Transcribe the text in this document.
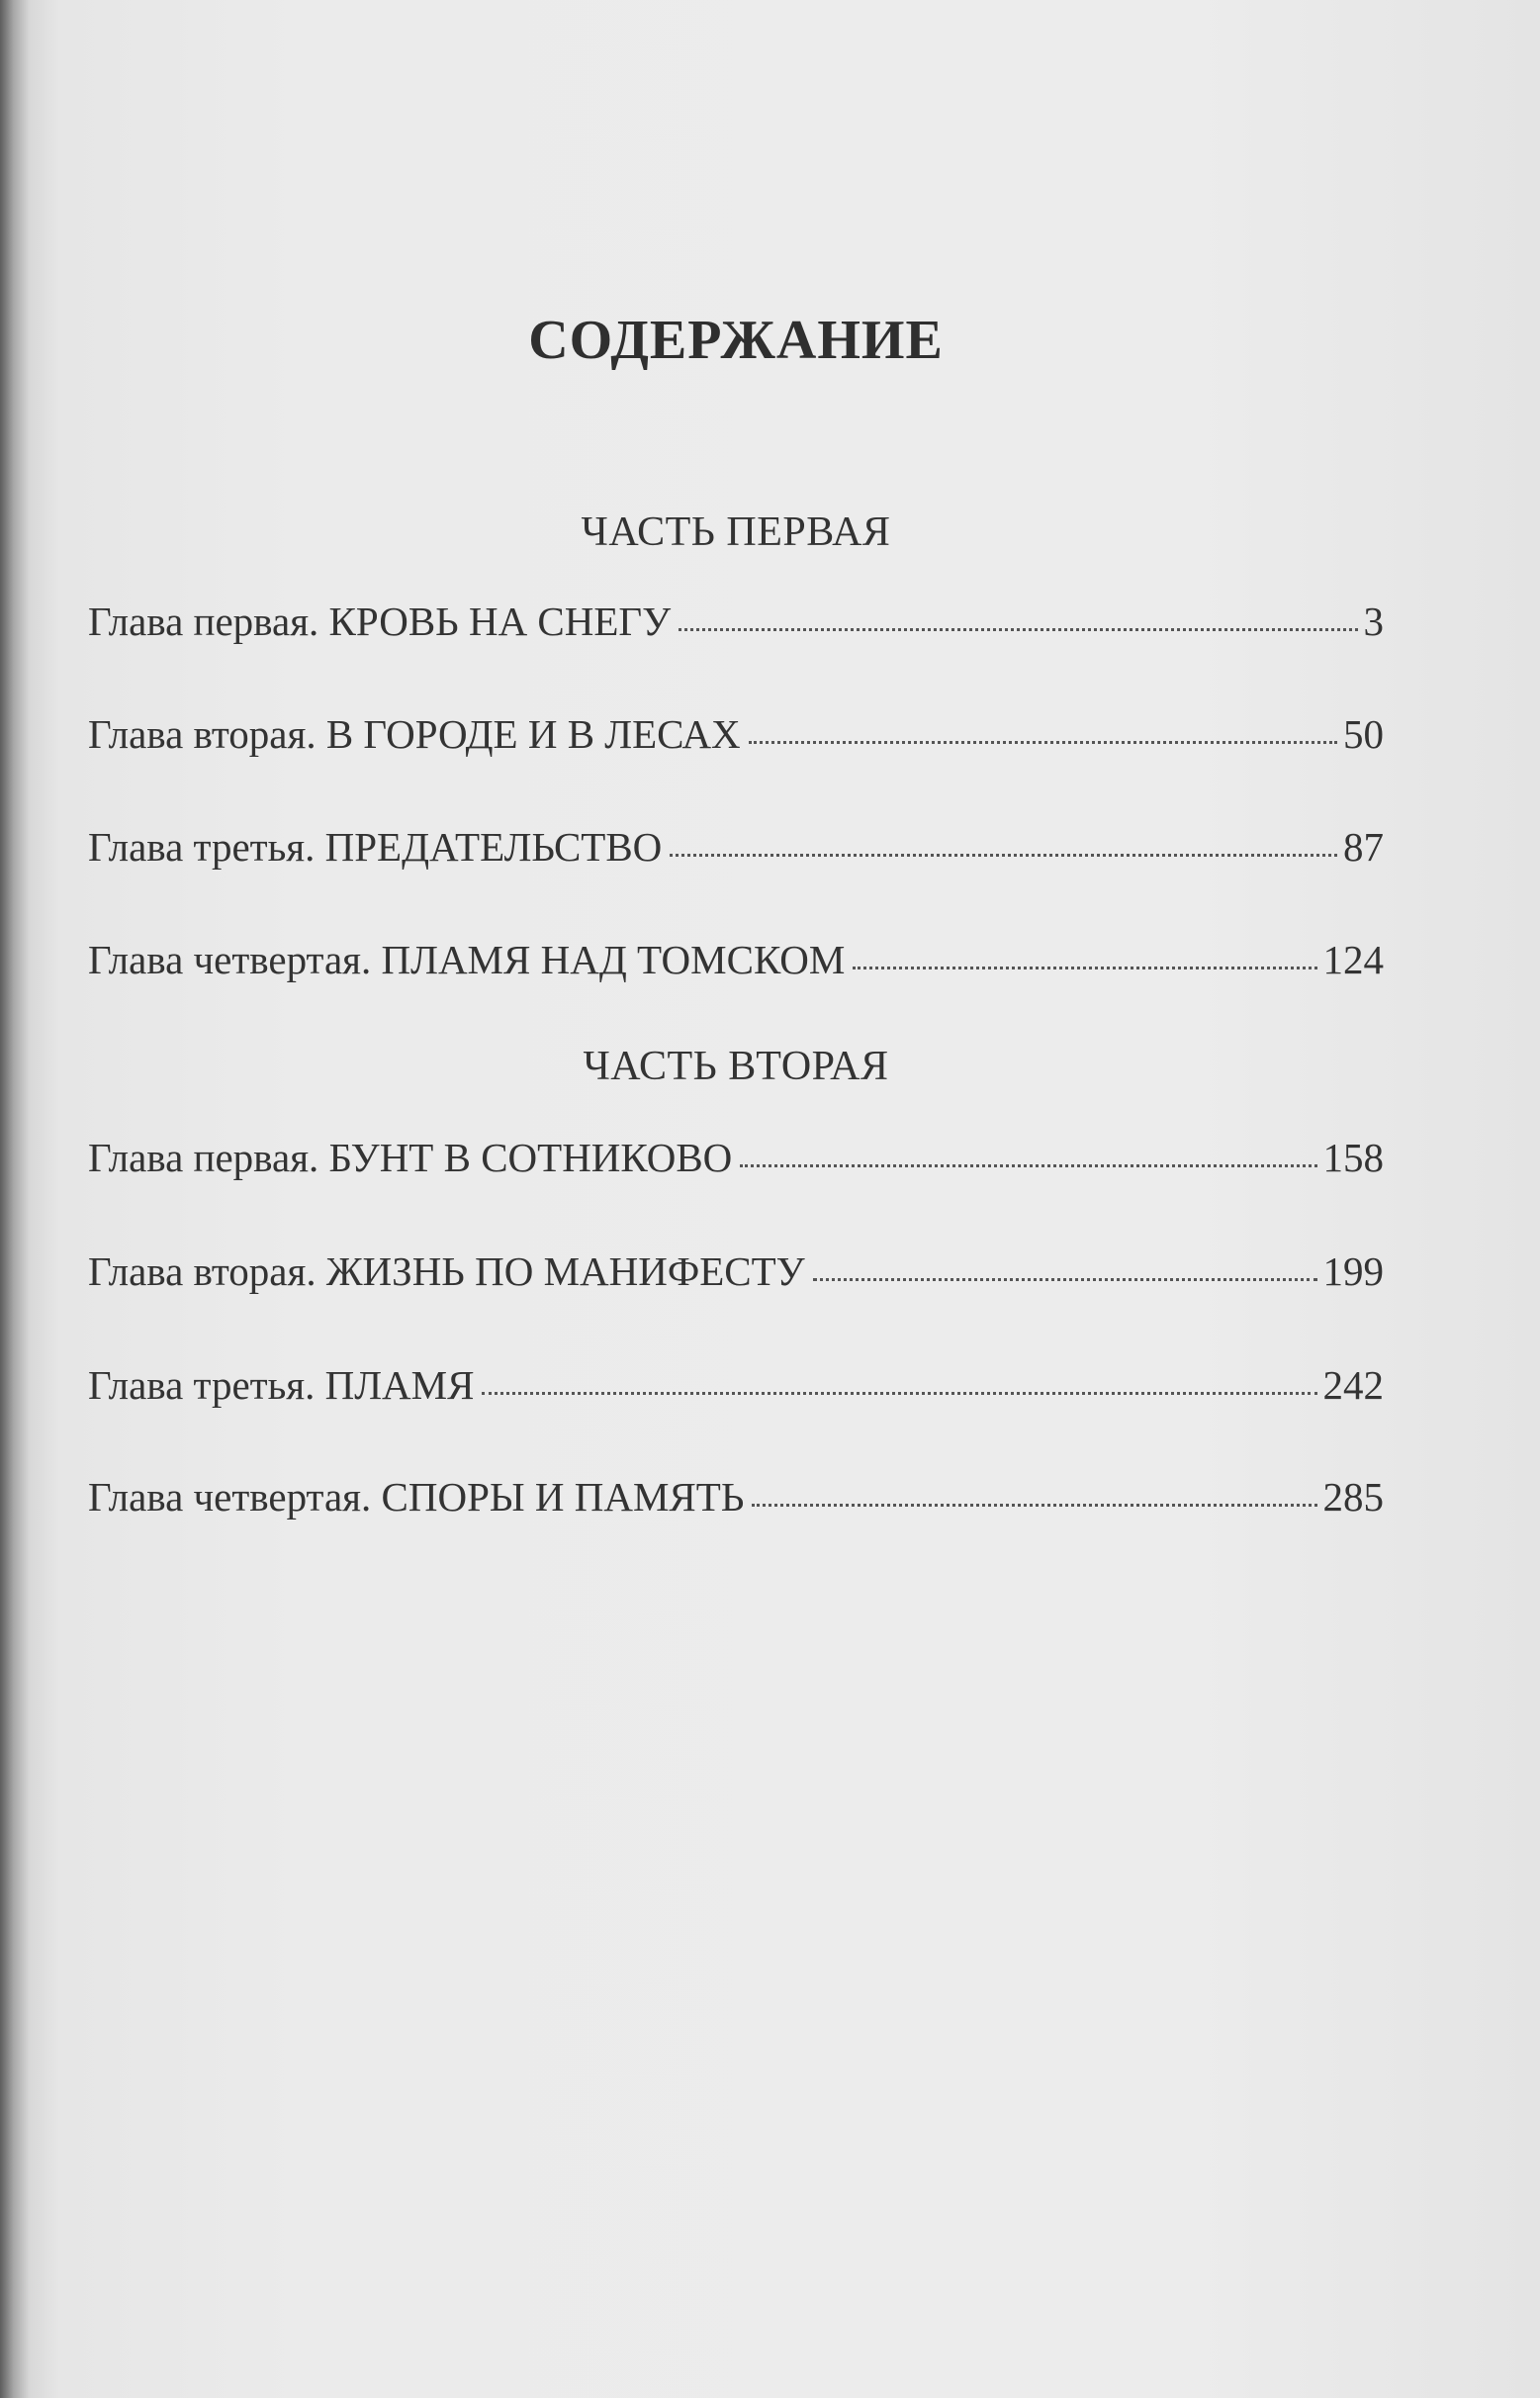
СОДЕРЖАНИЕ
ЧАСТЬ ПЕРВАЯ
Глава первая. КРОВЬ НА СНЕГУ	3
Глава вторая. В ГОРОДЕ И В ЛЕСАХ	50
Глава третья. ПРЕДАТЕЛЬСТВО	87
Глава четвертая. ПЛАМЯ НАД ТОМСКОМ	124
ЧАСТЬ ВТОРАЯ
Глава первая. БУНТ В СОТНИКОВО	158
Глава вторая. ЖИЗНЬ ПО МАНИФЕСТУ	199
Глава третья. ПЛАМЯ	242
Глава четвертая. СПОРЫ И ПАМЯТЬ	285
